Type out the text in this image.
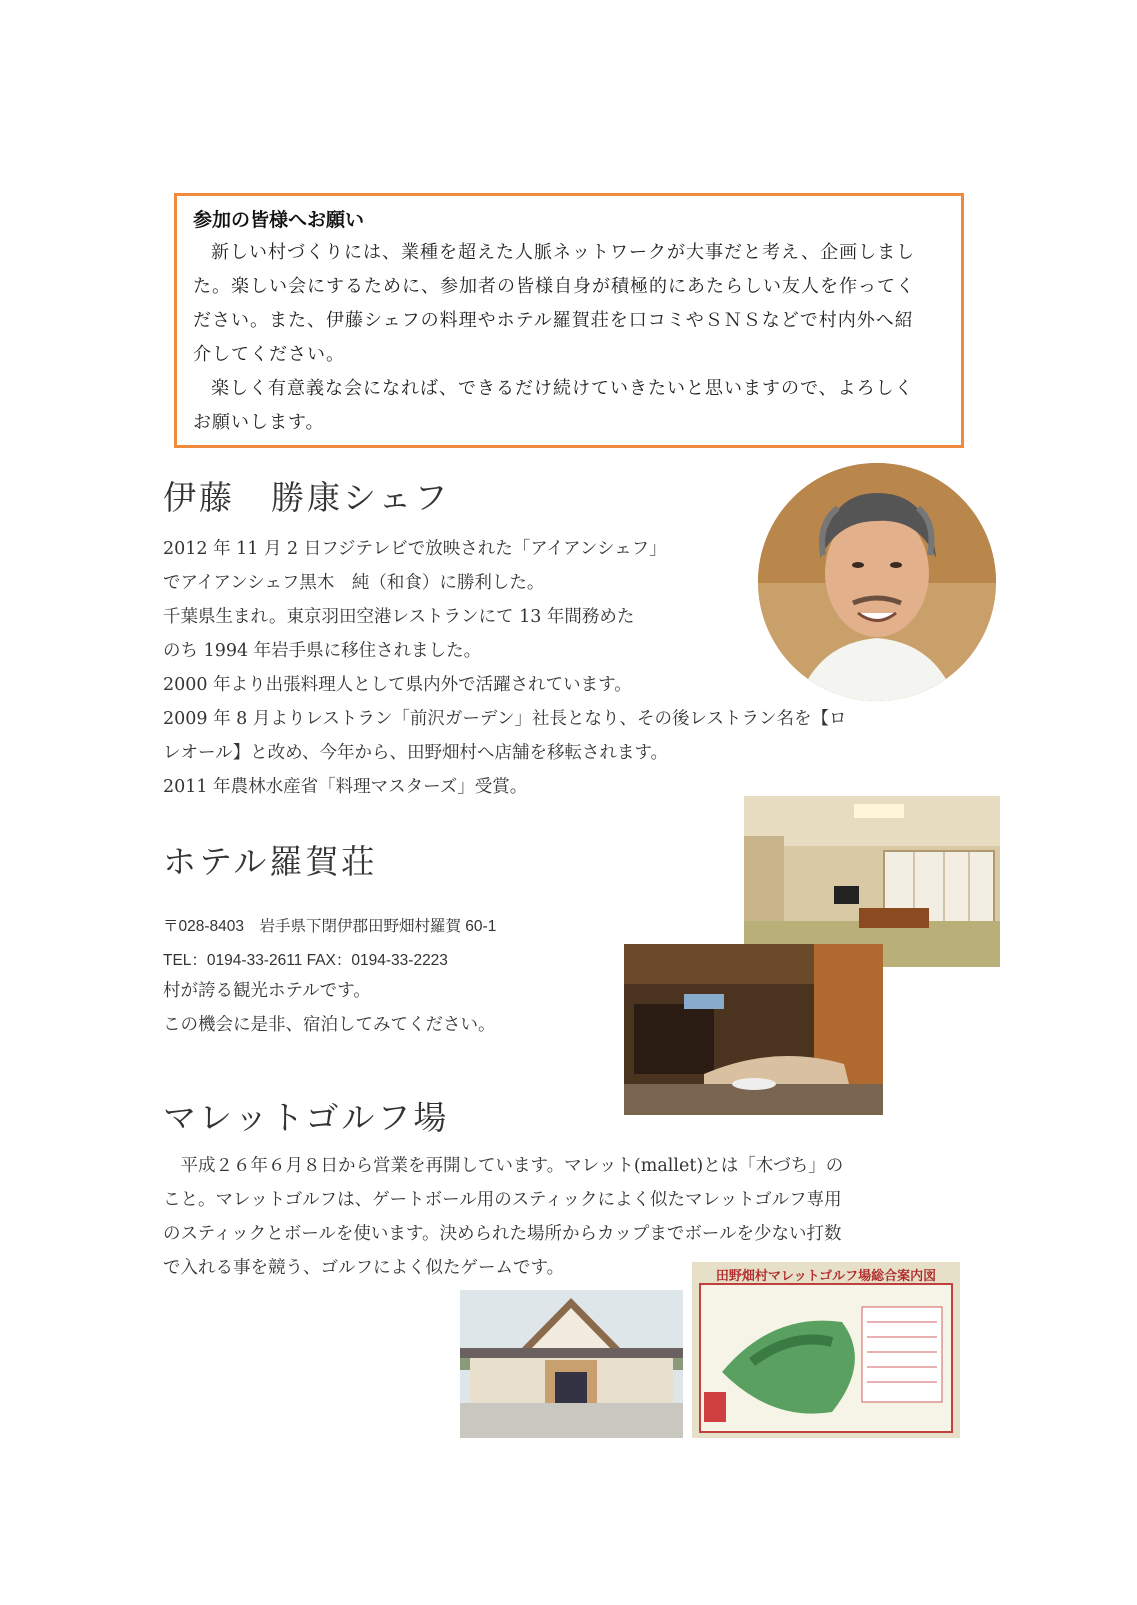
参加の皆様へお願い

新しい村づくりには、業種を超えた人脈ネットワークが大事だと考え、企画しまし
た。楽しい会にするために、参加者の皆様自身が積極的にあたらしい友人を作ってく
ださい。また、伊藤シェフの料理やホテル羅賀荘を口コミやＳＮＳなどで村内外へ紹
介してください。

楽しく有意義な会になれば、できるだけ続けていきたいと思いますので、よろしく
お願いします。

伊藤　勝康シェフ
2012 年 11 月 2 日フジテレビで放映された「アイアンシェフ」
でアイアンシェフ黒木　純（和食）に勝利した。
千葉県生まれ。東京羽田空港レストランにて 13 年間務めた
のち 1994 年岩手県に移住されました。
2000 年より出張料理人として県内外で活躍されています。
2009 年 8 月よりレストラン「前沢ガーデン」社長となり、その後レストラン名を【ロ
レオール】と改め、今年から、田野畑村へ店舗を移転されます。
2011 年農林水産省「料理マスターズ」受賞。
ホテル羅賀荘
〒028-8403　岩手県下閉伊郡田野畑村羅賀 60-1
TEL：0194-33-2611 FAX：0194-33-2223
村が誇る観光ホテルです。
この機会に是非、宿泊してみてください。
マレットゴルフ場
　平成２６年６月８日から営業を再開しています。マレット(mallet)とは「木づち」の
こと。マレットゴルフは、ゲートボール用のスティックによく似たマレットゴルフ専用
のスティックとボールを使います。決められた場所からカップまでボールを少ない打数
で入れる事を競う、ゴルフによく似たゲームです。	田野畑村マレットゴルフ場総合案内図
